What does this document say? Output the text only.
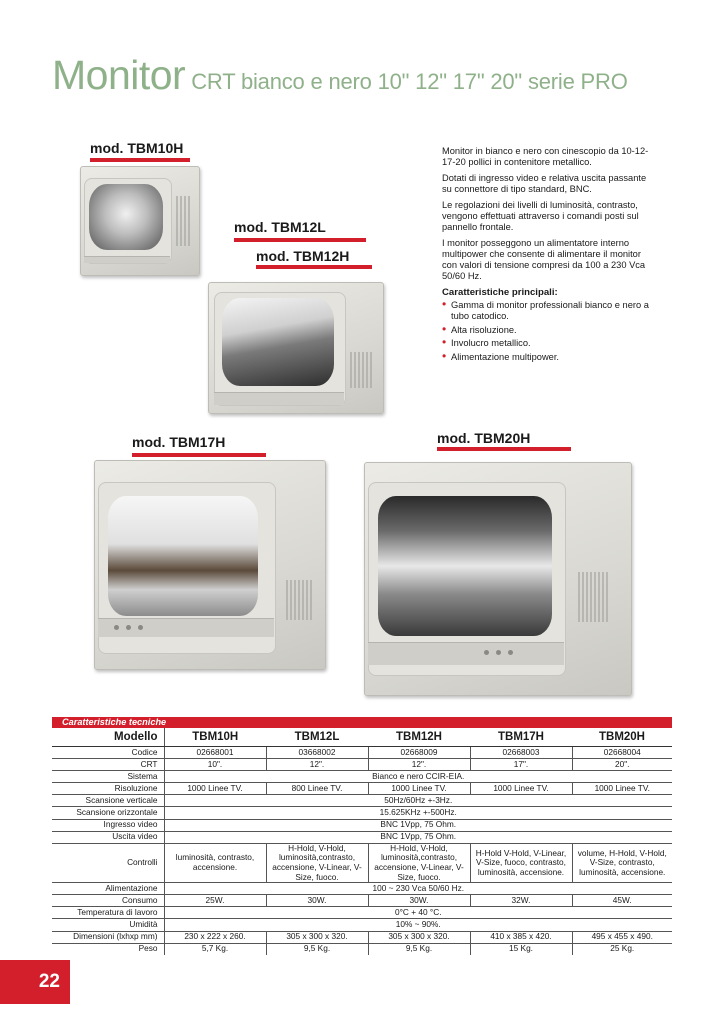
Monitor CRT bianco e nero 10" 12" 17" 20" serie PRO
mod. TBM10H
mod. TBM12L
mod. TBM12H
mod. TBM17H	mod. TBM20H

Monitor in bianco e nero con cinescopio da 10-12-17-20 pollici in contenitore metallico.

Dotati di ingresso video e relativa uscita passante su connettore di tipo standard, BNC.

Le regolazioni dei livelli di luminosità, contrasto, vengono effettuati attraverso i comandi posti sul pannello frontale.

I monitor posseggono un alimentatore interno multipower che consente di alimentare il monitor con valori di tensione compresi da 100 a 230 Vca 50/60 Hz.

Caratteristiche principali:
• Gamma di monitor professionali bianco e nero a tubo catodico.
• Alta risoluzione.
• Involucro metallico.
• Alimentazione multipower.
Caratteristiche tecniche
Modello	TBM10H	TBM12L	TBM12H	TBM17H	TBM20H
Codice	02668001	03668002	02668009	02668003	02668004
CRT	10".	12".	12".	17".	20".
Sistema	Bianco e nero CCIR-EIA.				
Risoluzione	1000 Linee TV.	800 Linee TV.	1000 Linee TV.	1000 Linee TV.	1000 Linee TV.
Scansione verticale	50Hz/60Hz +-3Hz.				
Scansione orizzontale	15.625KHz +-500Hz.				
Ingresso video	BNC 1Vpp, 75 Ohm.				
Uscita video	BNC 1Vpp, 75 Ohm.				
Controlli	luminosità, contrasto, accensione.	H-Hold, V-Hold, luminosità,contrasto, accensione, V-Linear, V-Size, fuoco.	H-Hold, V-Hold, luminosità,contrasto, accensione, V-Linear, V-Size, fuoco.	H-Hold V-Hold, V-Linear, V-Size, fuoco, contrasto, luminosità, accensione.	volume, H-Hold, V-Hold, V-Size, contrasto, luminosità, accensione.
Alimentazione	100 ~ 230 Vca 50/60 Hz.				
Consumo	25W.	30W.	30W.	32W.	45W.
Temperatura di lavoro	0°C + 40 °C.				
Umidità	10% ~ 90%.				
Dimensioni (lxhxp mm)	230 x 222 x 260.	305 x 300 x 320.	305 x 300 x 320.	410 x 385 x 420.	495 x 455 x 490.
Peso	5,7 Kg.	9,5 Kg.	9,5 Kg.	15 Kg.	25 Kg.
22
